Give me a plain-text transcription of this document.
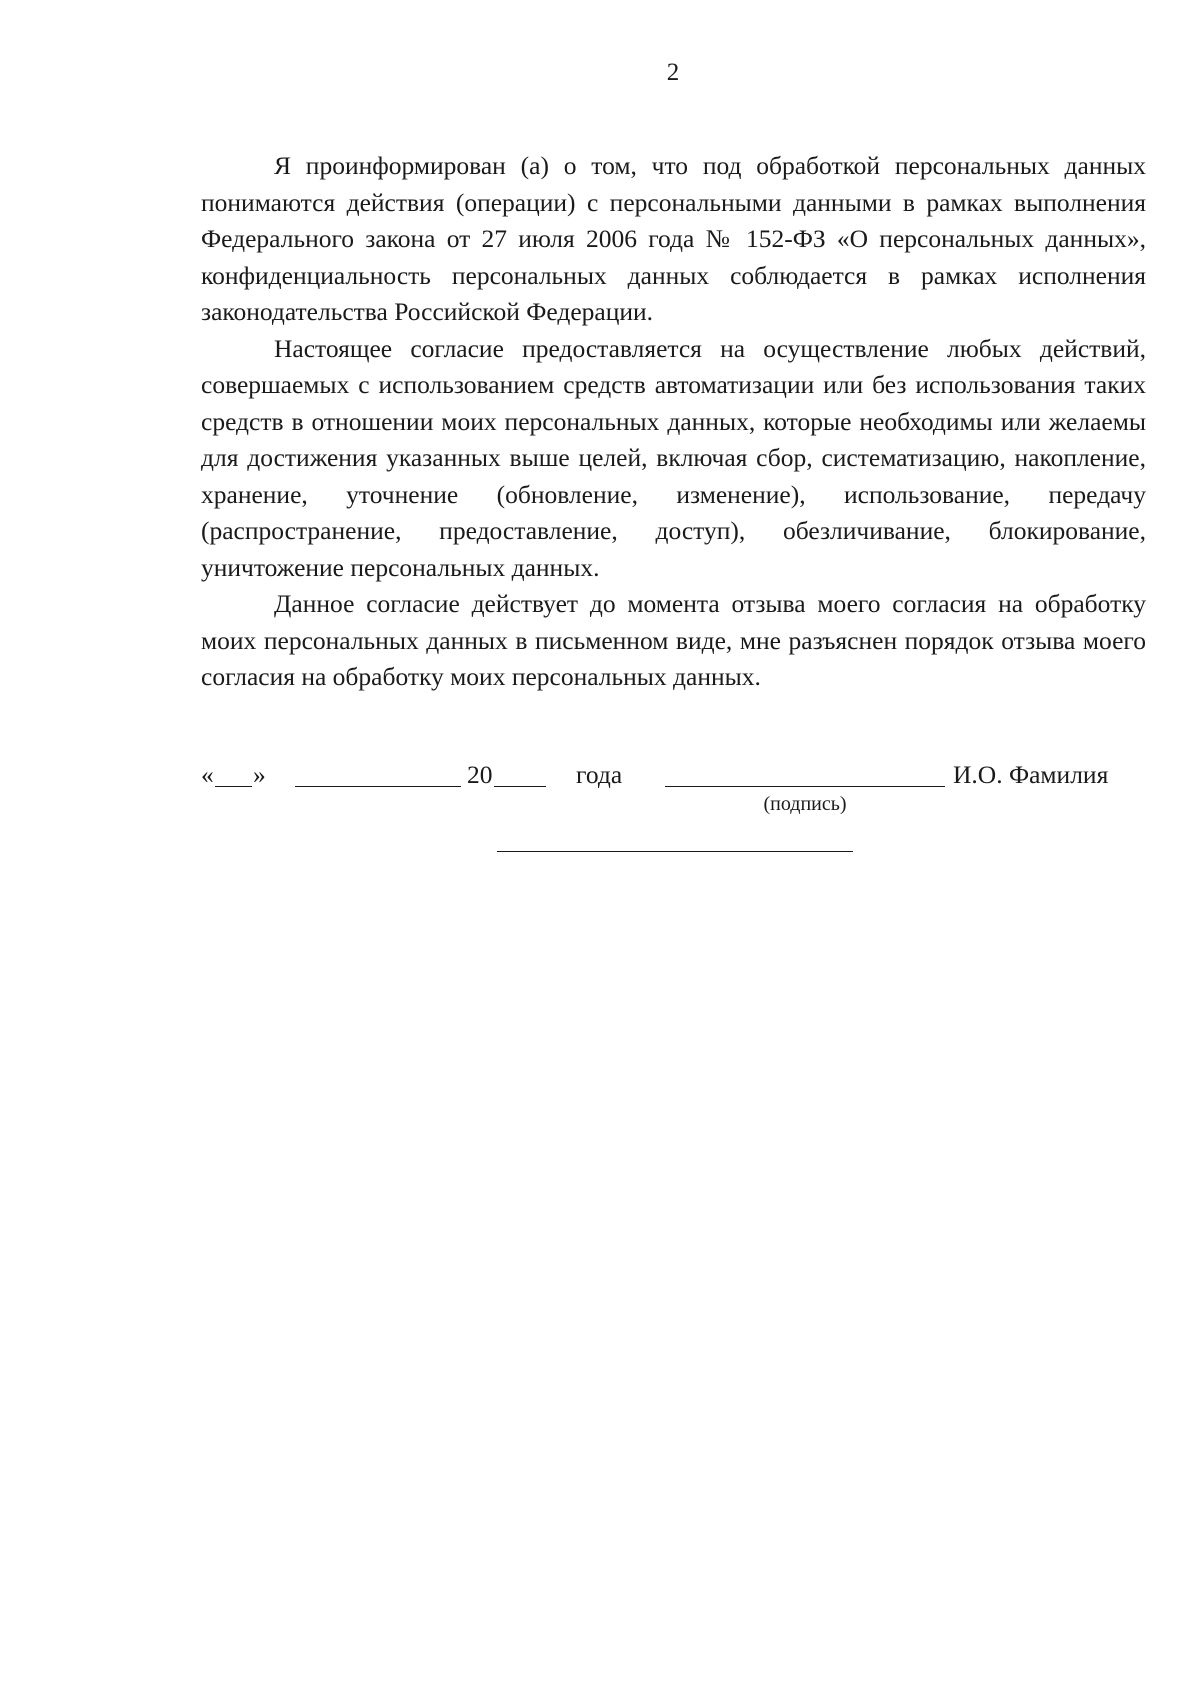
2

Я проинформирован (а) о том, что под обработкой персональных данных понимаются действия (операции) с персональными данными в рамках выполнения Федерального закона от 27 июля 2006 года № 152-ФЗ «О персональных данных», конфиденциальность персональных данных соблюдается в рамках исполнения законодательства Российской Федерации.

Настоящее согласие предоставляется на осуществление любых действий, совершаемых с использованием средств автоматизации или без использования таких средств в отношении моих персональных данных, которые необходимы или желаемы для достижения указанных выше целей, включая сбор, систематизацию, накопление, хранение, уточнение (обновление, изменение), использование, передачу (распространение, предоставление, доступ), обезличивание, блокирование, уничтожение персональных данных.

Данное согласие действует до момента отзыва моего согласия на обработку моих персональных данных в письменном виде, мне разъяснен порядок отзыва моего согласия на обработку моих персональных данных.

« »	20	года	И.О. Фамилия
(подпись)
